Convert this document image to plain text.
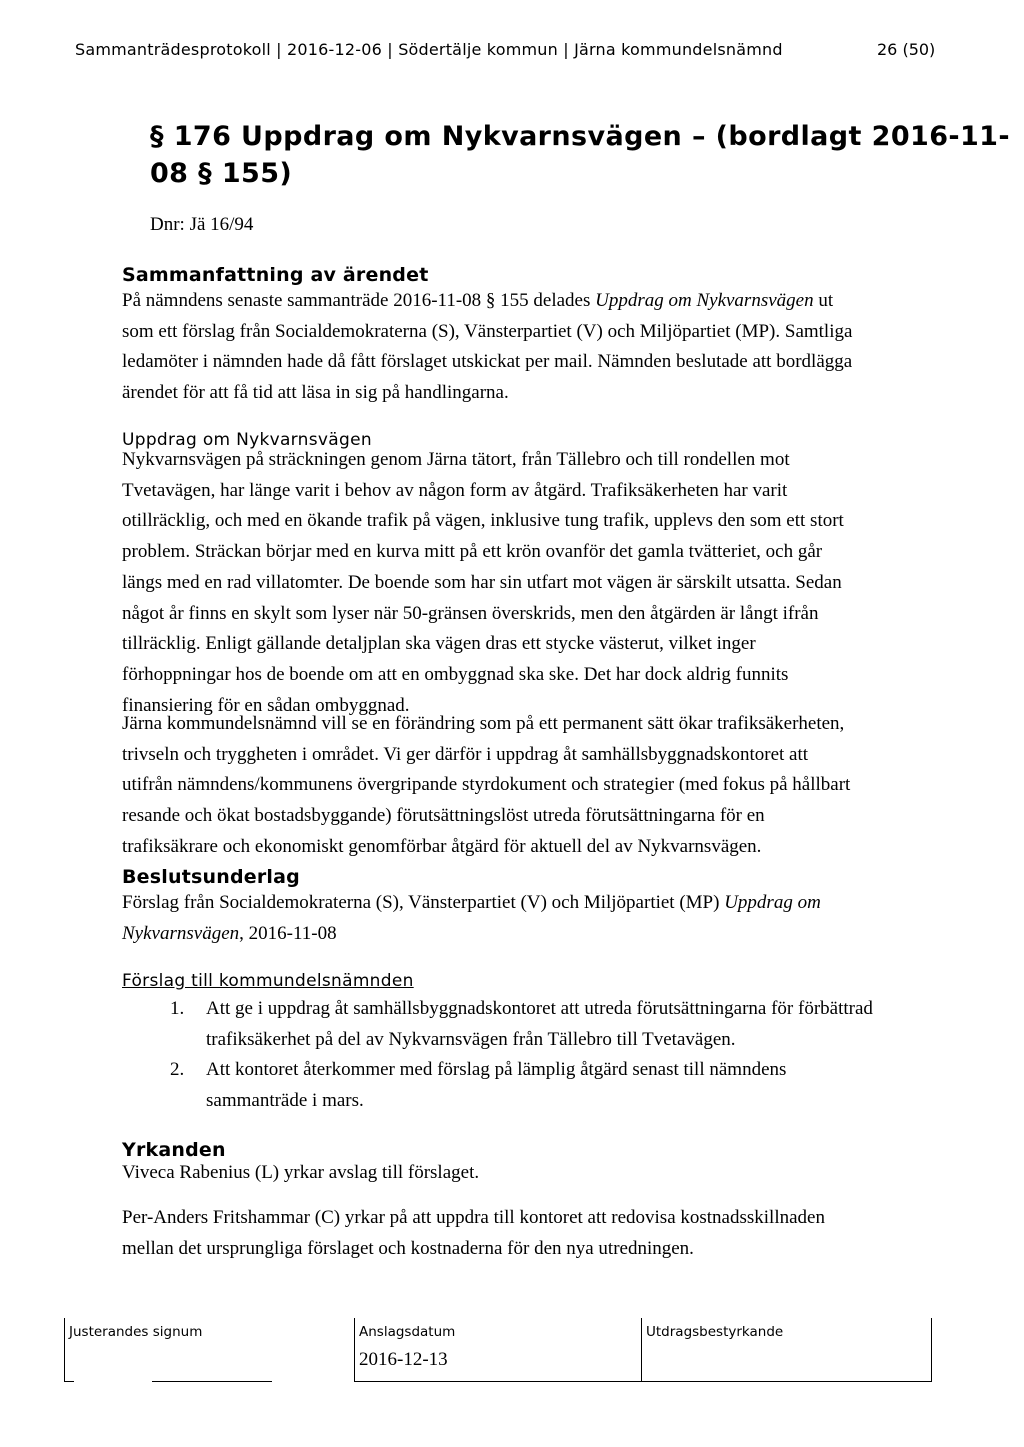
Sammanträdesprotokoll | 2016-12-06 | Södertälje kommun | Järna kommundelsnämnd	26 (50)
§ 176 Uppdrag om Nykvarnsvägen – (bordlagt 2016-11-
08 § 155)
Dnr: Jä 16/94
Sammanfattning av ärendet
På nämndens senaste sammanträde 2016-11-08 § 155 delades Uppdrag om Nykvarnsvägen ut
som ett förslag från Socialdemokraterna (S), Vänsterpartiet (V) och Miljöpartiet (MP). Samtliga
ledamöter i nämnden hade då fått förslaget utskickat per mail. Nämnden beslutade att bordlägga
ärendet för att få tid att läsa in sig på handlingarna.
Uppdrag om Nykvarnsvägen
Nykvarnsvägen på sträckningen genom Järna tätort, från Tällebro och till rondellen mot
Tvetavägen, har länge varit i behov av någon form av åtgärd. Trafiksäkerheten har varit
otillräcklig, och med en ökande trafik på vägen, inklusive tung trafik, upplevs den som ett stort
problem. Sträckan börjar med en kurva mitt på ett krön ovanför det gamla tvätteriet, och går
längs med en rad villatomter. De boende som har sin utfart mot vägen är särskilt utsatta. Sedan
något år finns en skylt som lyser när 50-gränsen överskrids, men den åtgärden är långt ifrån
tillräcklig. Enligt gällande detaljplan ska vägen dras ett stycke västerut, vilket inger
förhoppningar hos de boende om att en ombyggnad ska ske. Det har dock aldrig funnits
finansiering för en sådan ombyggnad.
Järna kommundelsnämnd vill se en förändring som på ett permanent sätt ökar trafiksäkerheten,
trivseln och tryggheten i området. Vi ger därför i uppdrag åt samhällsbyggnadskontoret att
utifrån nämndens/kommunens övergripande styrdokument och strategier (med fokus på hållbart
resande och ökat bostadsbyggande) förutsättningslöst utreda förutsättningarna för en
trafiksäkrare och ekonomiskt genomförbar åtgärd för aktuell del av Nykvarnsvägen.
Beslutsunderlag
Förslag från Socialdemokraterna (S), Vänsterpartiet (V) och Miljöpartiet (MP) Uppdrag om
Nykvarnsvägen, 2016-11-08
Förslag till kommundelsnämnden
1. Att ge i uppdrag åt samhällsbyggnadskontoret att utreda förutsättningarna för förbättrad
trafiksäkerhet på del av Nykvarnsvägen från Tällebro till Tvetavägen.
2. Att kontoret återkommer med förslag på lämplig åtgärd senast till nämndens
sammanträde i mars.
Yrkanden
Viveca Rabenius (L) yrkar avslag till förslaget.
Per-Anders Fritshammar (C) yrkar på att uppdra till kontoret att redovisa kostnadsskillnaden
mellan det ursprungliga förslaget och kostnaderna för den nya utredningen.
Justerandes signum	Anslagsdatum
2016-12-13
Utdragsbestyrkande
